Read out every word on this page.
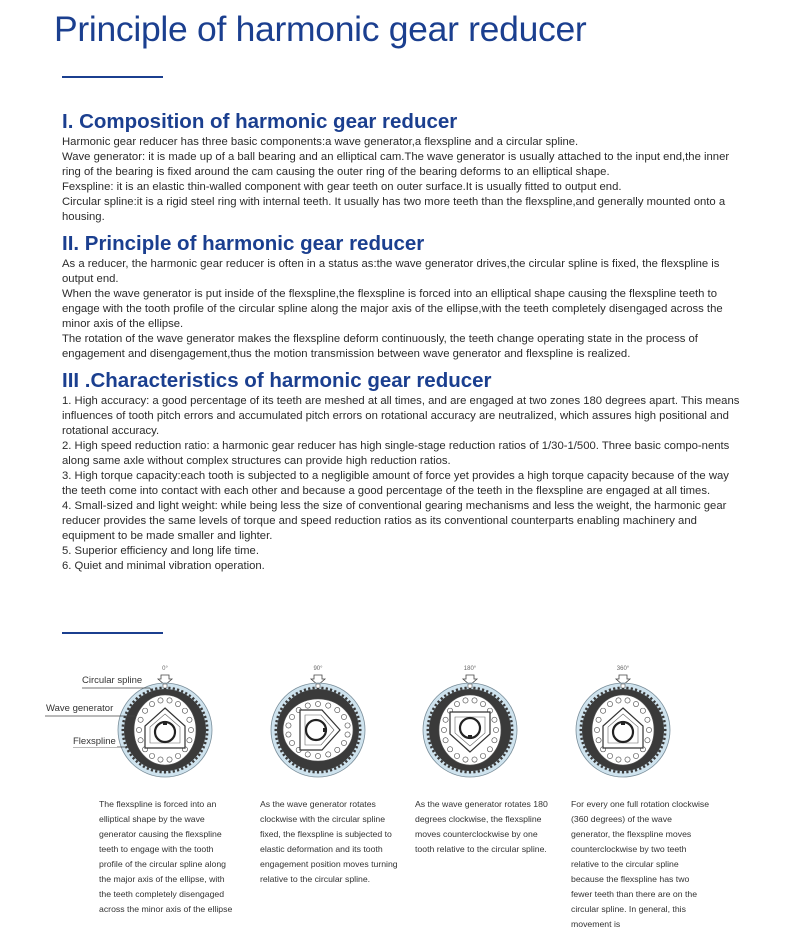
Principle of harmonic gear reducer
I. Composition of harmonic gear reducer

Harmonic gear reducer has three basic components:a wave generator,a flexspline and a circular spline.

Wave generator: it is made up of a ball bearing and an elliptical cam.The wave generator is usually attached to the input end,the inner ring of the bearing is fixed around the cam causing the outer ring of the bearing deforms to an elliptical shape.

Fexspline: it is an elastic thin-walled component with gear teeth on outer surface.It is usually fitted to output end.

Circular spline:it is a rigid steel ring with internal teeth. It usually has two more teeth than the flexspline,and generally mounted onto a housing.

II. Principle of harmonic gear reducer

As a reducer, the harmonic gear reducer is often in a status as:the wave generator drives,the circular spline is fixed, the flexspline is output end.

When the wave generator is put inside of the flexspline,the flexspline is forced into an elliptical shape causing the flexspline teeth to engage with the tooth profile of the circular spline along the major axis of the ellipse,with the teeth completely disengaged across the minor axis of the ellipse.

The rotation of the wave generator makes the flexspline deform continuously, the teeth change operating state in the process of engagement and disengagement,thus the motion transmission between wave generator and flexspline is realized.

III .Characteristics of harmonic gear reducer

1. High accuracy: a good percentage of its teeth are meshed at all times, and are engaged at two zones 180 degrees apart. This means influences of tooth pitch errors and accumulated pitch errors on rotational accuracy are neutralized, which assures high positional and rotational accuracy.

2. High speed reduction ratio: a harmonic gear reducer has high single-stage reduction ratios of 1/30-1/500. Three basic compo-nents along same axle without complex structures can provide high reduction ratios.

3. High torque capacity:each tooth is subjected to a negligible amount of force yet provides a high torque capacity because of the way the teeth come into contact with each other and because a good percentage of the teeth in the flexspline are engaged at all times.

4. Small-sized and light weight: while being less the size of conventional gearing mechanisms and less the weight, the harmonic gear reducer provides the same levels of torque and speed reduction ratios as its conventional counterparts enabling machinery and equipment to be made smaller and lighter.

5. Superior efficiency and long life time.

6. Quiet and minimal vibration operation.

0°	90°	180°	360°
Circular spline
Wave generator
Flexspline
The flexspline is forced into an elliptical shape by the wave generator causing the flexspline teeth to engage with the tooth profile of the circular spline along the major axis of the ellipse, with the teeth completely disengaged across the minor axis of the ellipse
As the wave generator rotates clockwise with the circular spline fixed, the flexspline is subjected to elastic deformation and its tooth engagement position moves turning relative to the circular spline.
As the wave generator rotates 180 degrees clockwise, the flexspline moves counterclockwise by one tooth relative to the circular spline.
For every one full rotation clockwise (360 degrees) of the wave generator, the flexspline moves counterclockwise by two teeth relative to the circular spline because the flexspline has two fewer teeth than there are on the circular spline. In general, this movement is
